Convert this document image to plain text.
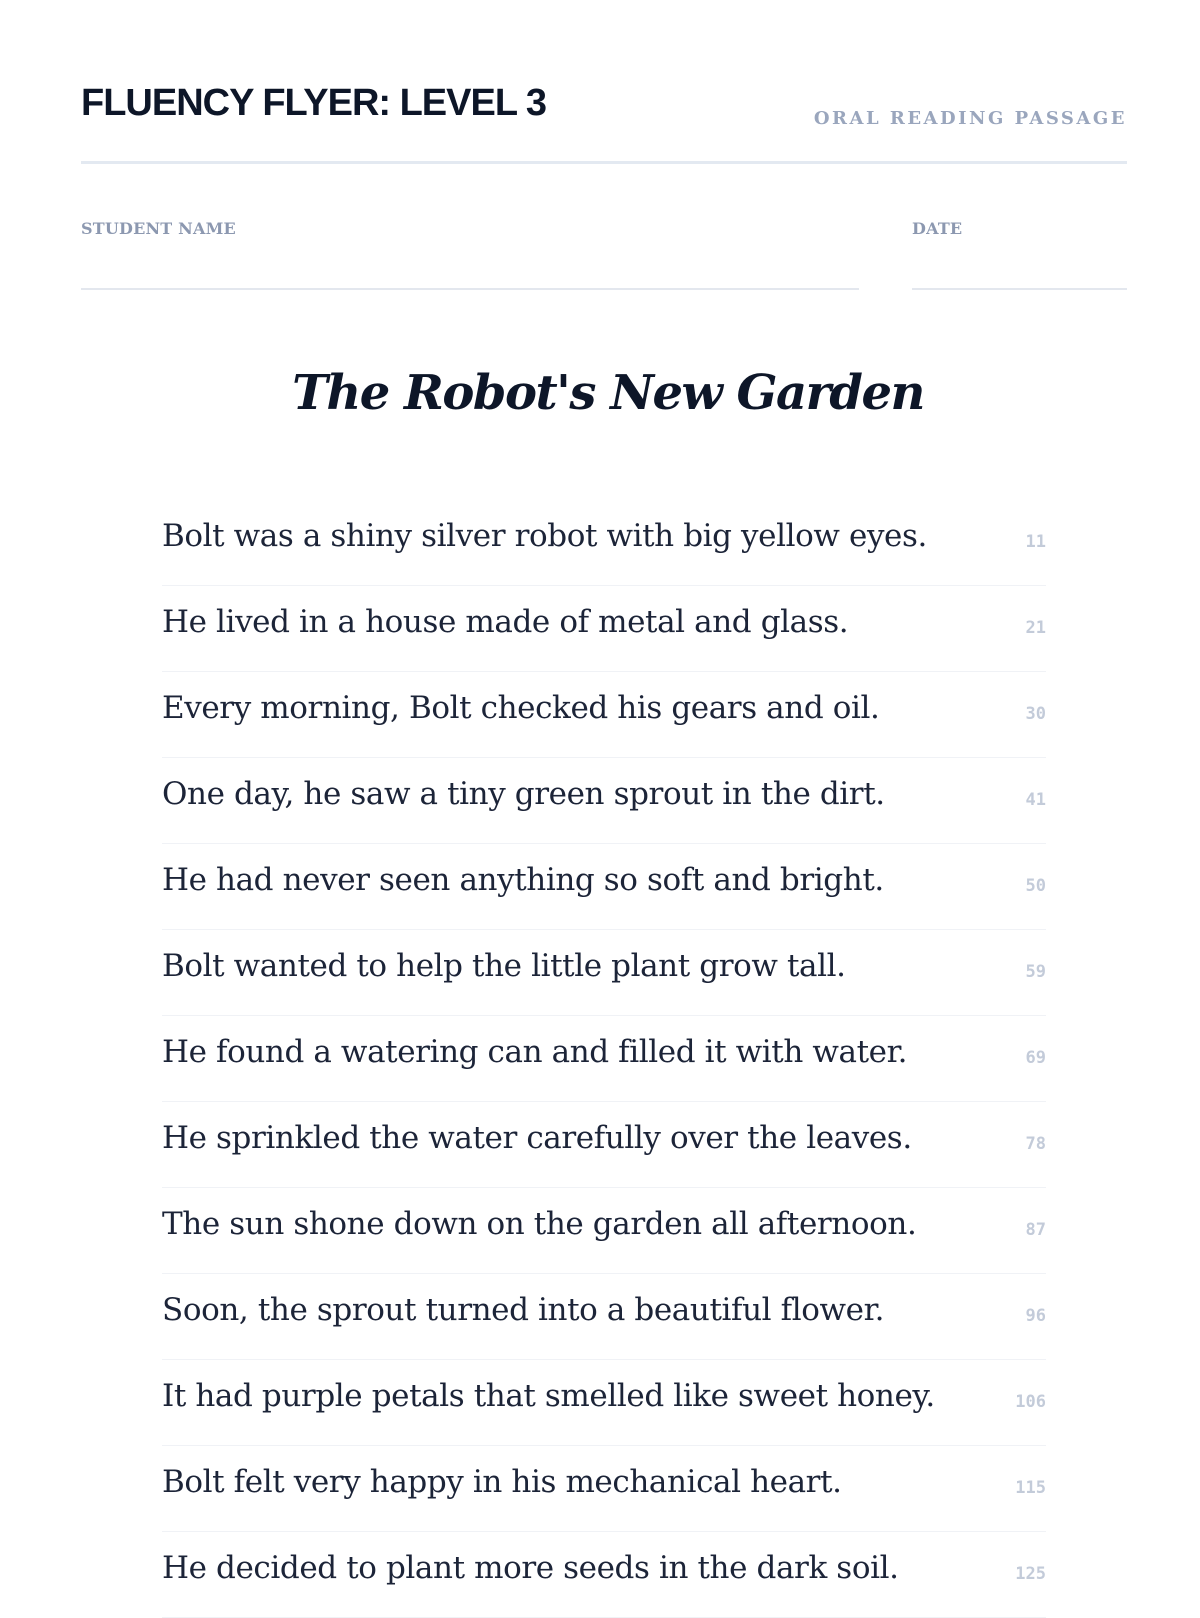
FLUENCY FLYER: LEVEL 3	ORAL READING PASSAGE
STUDENT NAME	DATE
The Robot's New Garden
Bolt was a shiny silver robot with big yellow eyes.	11
He lived in a house made of metal and glass.	21
Every morning, Bolt checked his gears and oil.	30
One day, he saw a tiny green sprout in the dirt.	41
He had never seen anything so soft and bright.	50
Bolt wanted to help the little plant grow tall.	59
He found a watering can and filled it with water.	69
He sprinkled the water carefully over the leaves.	78
The sun shone down on the garden all afternoon.	87
Soon, the sprout turned into a beautiful flower.	96
It had purple petals that smelled like sweet honey.	106
Bolt felt very happy in his mechanical heart.	115
He decided to plant more seeds in the dark soil.	125
